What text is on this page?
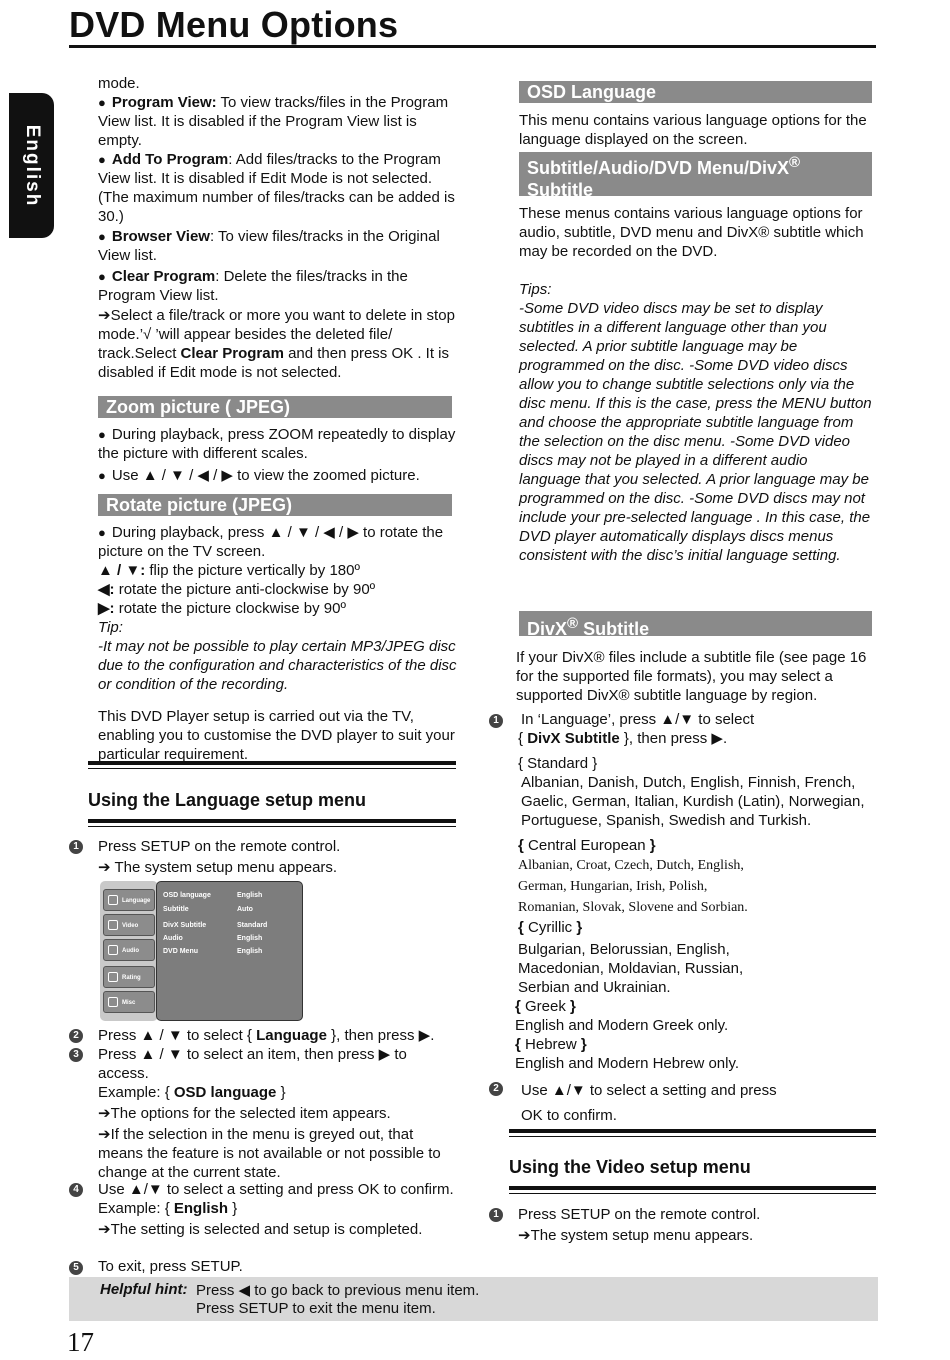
DVD Menu Options
English

mode.

● Program View: To view tracks/files in the Program View list. It is disabled if the Program View list is empty.

● Add To Program: Add files/tracks to the Program View list. It is disabled if Edit Mode is not selected. (The maximum number of files/tracks can be added is 30.)

● Browser View: To view files/tracks in the Original View list.

● Clear Program: Delete the files/tracks in the Program View list.

➔Select a file/track or more you want to delete in stop mode.’√ ’will appear besides the deleted file/ track.Select Clear Program and then press OK . It is disabled if Edit mode is not selected.

Zoom picture ( JPEG)

● During playback, press ZOOM repeatedly to display the picture with different scales.

● Use ▲ / ▼ / ◀ / ▶ to view the zoomed picture.

Rotate picture (JPEG)

● During playback, press ▲ / ▼ / ◀ / ▶ to rotate the picture on the TV screen.

▲ / ▼: flip the picture vertically by 180º

◀: rotate the picture anti-clockwise by 90º

▶: rotate the picture clockwise by 90º

Tip:

-It may not be possible to play certain MP3/JPEG disc due to the configuration and characteristics of the disc or condition of the recording.

This DVD Player setup is carried out via the TV, enabling you to customise the DVD player to suit your particular requirement.

Using the Language setup menu
1 Press SETUP on the remote control.

➔ The system setup menu appears.

Language
Video
Audio
Rating
Misc
OSD language	English
Subtitle	Auto
DivX Subtitle	Standard
Audio	English
DVD Menu	English
2
3

Press ▲ / ▼ to select { Language }, then press ▶.

Press ▲ / ▼ to select an item, then press ▶ to access.

Example: { OSD language }

➔The options for the selected item appears.

➔If the selection in the menu is greyed out, that means the feature is not available or not possible to change at the current state.

4 Use ▲/▼ to select a setting and press OK to confirm.

Example: { English }

➔The setting is selected and setup is completed.

5 To exit, press SETUP.
OSD Language
This menu contains various language options for the language displayed on the screen.
Subtitle/Audio/DVD Menu/DivX®
Subtitle

These menus contains various language options for audio, subtitle, DVD menu and DivX® subtitle which may be recorded on the DVD.

Tips:

-Some DVD video discs may be set to display subtitles in a different language other than you selected. A prior subtitle language may be programmed on the disc. -Some DVD video discs allow you to change subtitle selections only via the disc menu. If this is the case, press the MENU button and choose the appropriate subtitle language from the selection on the disc menu. -Some DVD video discs may not be played in a different audio language that you selected. A prior language may be programmed on the disc. -Some DVD discs may not include your pre-selected language . In this case, the DVD player automatically displays discs menus consistent with the disc’s initial language setting.

DivX® Subtitle
If your DivX® files include a subtitle file (see page 16 for the supported file formats), you may select a supported DivX® subtitle language by region.
1 In ‘Language’, press ▲/▼ to select

{ DivX Subtitle }, then press ▶.

{ Standard }

Albanian, Danish, Dutch, English, Finnish, French, Gaelic, German, Italian, Kurdish (Latin), Norwegian, Portuguese, Spanish, Swedish and Turkish.

{ Central European }

Albanian, Croat, Czech, Dutch, English, German, Hungarian, Irish, Polish, Romanian, Slovak, Slovene and Sorbian.

{ Cyrillic }

Bulgarian, Belorussian, English, Macedonian, Moldavian, Russian, Serbian and Ukrainian.

{ Greek }

English and Modern Greek only.

{ Hebrew }

English and Modern Hebrew only.

2 Use ▲/▼ to select a setting and press OK to confirm.
Using the Video setup menu
1 Press SETUP on the remote control.

➔The system setup menu appears.

Helpful hint: Press ◀ to go back to previous menu item.
Press SETUP to exit the menu item.
17
